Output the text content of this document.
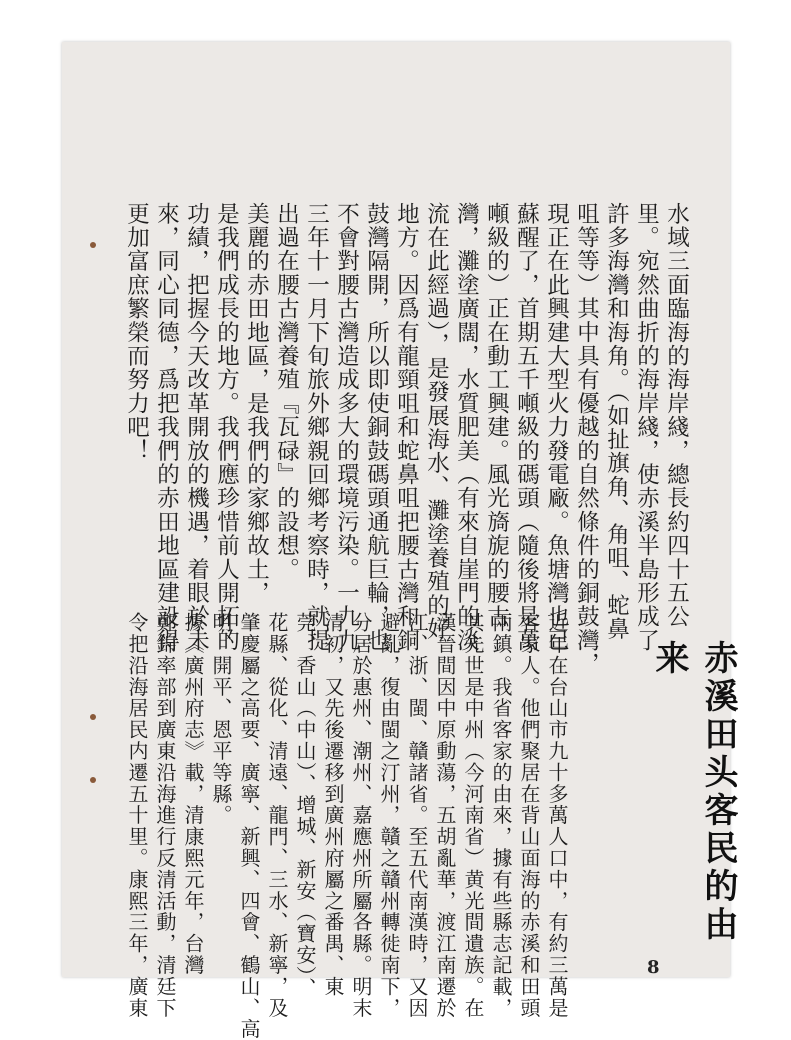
水域三面臨海的海岸綫，總長約四十五公
里。宛然曲折的海岸綫，使赤溪半島形成了
許多海灣和海角。（如扯旗角、角咀、蛇鼻
咀等等）其中具有優越的自然條件的銅鼓灣，
現正在此興建大型火力發電廠。魚塘灣也已
蘇醒了，首期五千噸級的碼頭（隨後將是萬
噸級的）正在動工興建。風光旖旎的腰古
灣，灘塗廣闊，水質肥美（有來自崖門的淡
流在此經過），是發展海水、灘塗養殖的好
地方。因爲有龍頸咀和蛇鼻咀把腰古灣和銅
鼓灣隔開，所以即使銅鼓碼頭通航巨輪，也
不會對腰古灣造成多大的環境污染。一九九
三年十一月下旬旅外鄉親回鄉考察時，就提
出過在腰古灣養殖『瓦碌』的設想。
美麗的赤田地區，是我們的家鄉故土，
是我們成長的地方。我們應珍惜前人開拓的
功績，把握今天改革開放的機遇，着眼於未
來，同心同德，爲把我們的赤田地區建設得
更加富庶繁榮而努力吧！
赤溪田头客民的由来
近年在台山市九十多萬人口中，有約三萬是
客家人。他們聚居在背山面海的赤溪和田頭
兩鎮。我省客家的由來，據有些縣志記載，
其先世是中州（今河南省）黄光間遺族。在
漢晉間因中原動蕩，五胡亂華，渡江南遷於
江、浙、閩、贛諸省。至五代南漢時，又因
避亂，復由閩之汀州，贛之贛州轉徙南下，
分居於惠州、潮州、嘉應州所屬各縣。明末
清初，又先後遷移到廣州府屬之番禺、東
莞、香山（中山）、增城、新安（寶安）、
花縣、從化、清遠、龍門、三水、新寧，及
肇慶屬之高要、廣寧、新興、四會、鶴山、高
明、開平、恩平等縣。
據《廣州府志》載，清康熙元年，台灣
鄭錦率部到廣東沿海進行反清活動，清廷下
令把沿海居民内遷五十里。康熙三年，廣東	8
